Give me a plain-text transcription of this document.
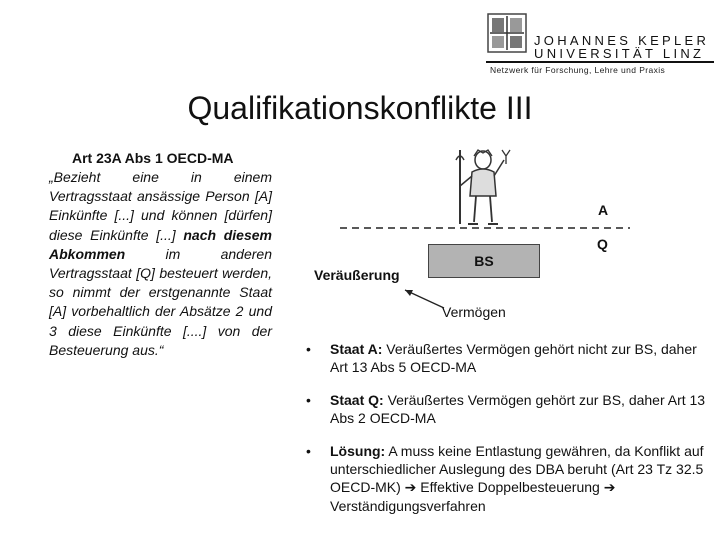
JOHANNES KEPLER
UNIVERSITÄT LINZ
Netzwerk für Forschung, Lehre und Praxis
Qualifikationskonflikte III
Art 23A Abs 1 OECD-MA
„Bezieht eine in einem Vertragsstaat ansässige Person [A] Einkünfte [...] und können [dürfen] diese Einkünfte [...] nach diesem Abkommen im anderen Vertragsstaat [Q] besteuert werden, so nimmt der erstgenannte Staat [A] vorbehaltlich der Absätze 2 und 3 diese Einkünfte [....] von der Besteuerung aus.“
A
Q
BS
Veräußerung
Vermögen
• Staat A: Veräußertes Vermögen gehört nicht zur BS, daher Art 13 Abs 5 OECD-MA
• Staat Q: Veräußertes Vermögen gehört zur BS, daher Art 13 Abs 2 OECD-MA
• Lösung: A muss keine Entlastung gewähren, da Konflikt auf unterschiedlicher Auslegung des DBA beruht (Art 23 Tz 32.5 OECD-MK) ➔ Effektive Doppelbesteuerung ➔ Verständigungsverfahren
